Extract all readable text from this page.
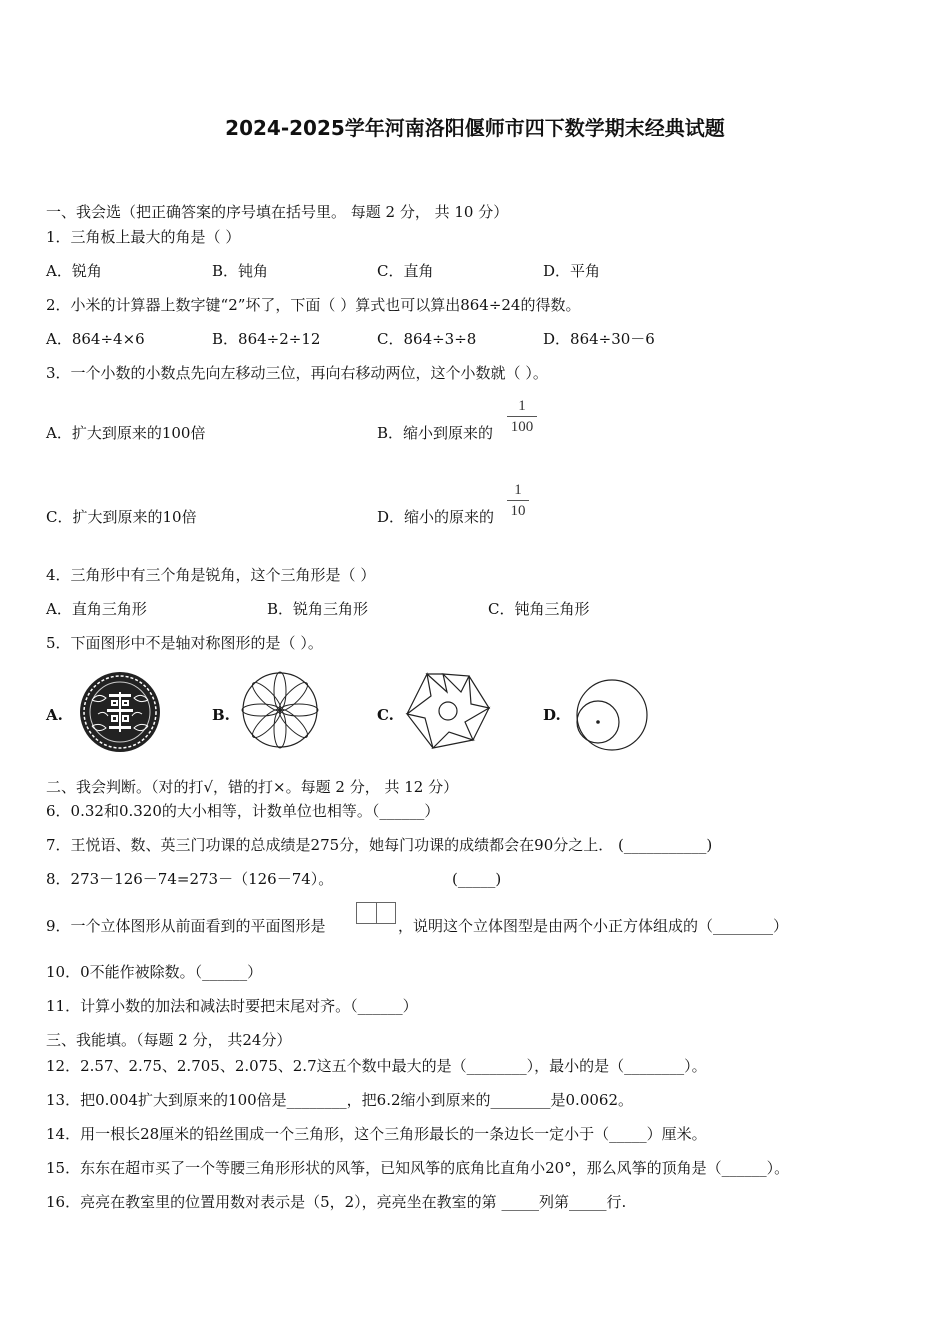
2024-2025学年河南洛阳偃师市四下数学期末经典试题
一、我会选（把正确答案的序号填在括号里。 每题 2 分， 共 10 分）
1．三角板上最大的角是（ ）
A．锐角	B．钝角	C．直角	D．平角
2．小米的计算器上数字键“2”坏了，下面（ ）算式也可以算出864÷24的得数。
A．864÷4×6	B．864÷2÷12	C．864÷3÷8	D．864÷30－6
3．一个小数的小数点先向左移动三位，再向右移动两位，这个小数就（ ）。
A．扩大到原来的100倍	B．缩小到原来的
1
100
C．扩大到原来的10倍	D．缩小的原来的
1
10
4．三角形中有三个角是锐角，这个三角形是（ ）
A．直角三角形	B．锐角三角形	C．钝角三角形
5．下面图形中不是轴对称图形的是（ ）。
A.	B.	C.	D.
二、我会判断。（对的打√，错的打×。每题 2 分， 共 12 分）
6．0.32和0.320的大小相等，计数单位也相等。（______）
7．王悦语、数、英三门功课的总成绩是275分，她每门功课的成绩都会在90分之上． (___________)
8．273－126－74=273－（126－74）。	(_____)
9．一个立体图形从前面看到的平面图形是	，说明这个立体图型是由两个小正方体组成的（________）
10．0不能作被除数。（______）
11．计算小数的加法和减法时要把末尾对齐。（______）
三、我能填。（每题 2 分， 共24分）
12．2.57、2.75、2.705、2.075、2.7这五个数中最大的是（________），最小的是（________）。
13．把0.004扩大到原来的100倍是________，把6.2缩小到原来的________是0.0062。
14．用一根长28厘米的铅丝围成一个三角形，这个三角形最长的一条边长一定小于（_____）厘米。
15．东东在超市买了一个等腰三角形形状的风筝，已知风筝的底角比直角小20°，那么风筝的顶角是（______）。
16．亮亮在教室里的位置用数对表示是（5，2），亮亮坐在教室的第 _____列第_____行.
